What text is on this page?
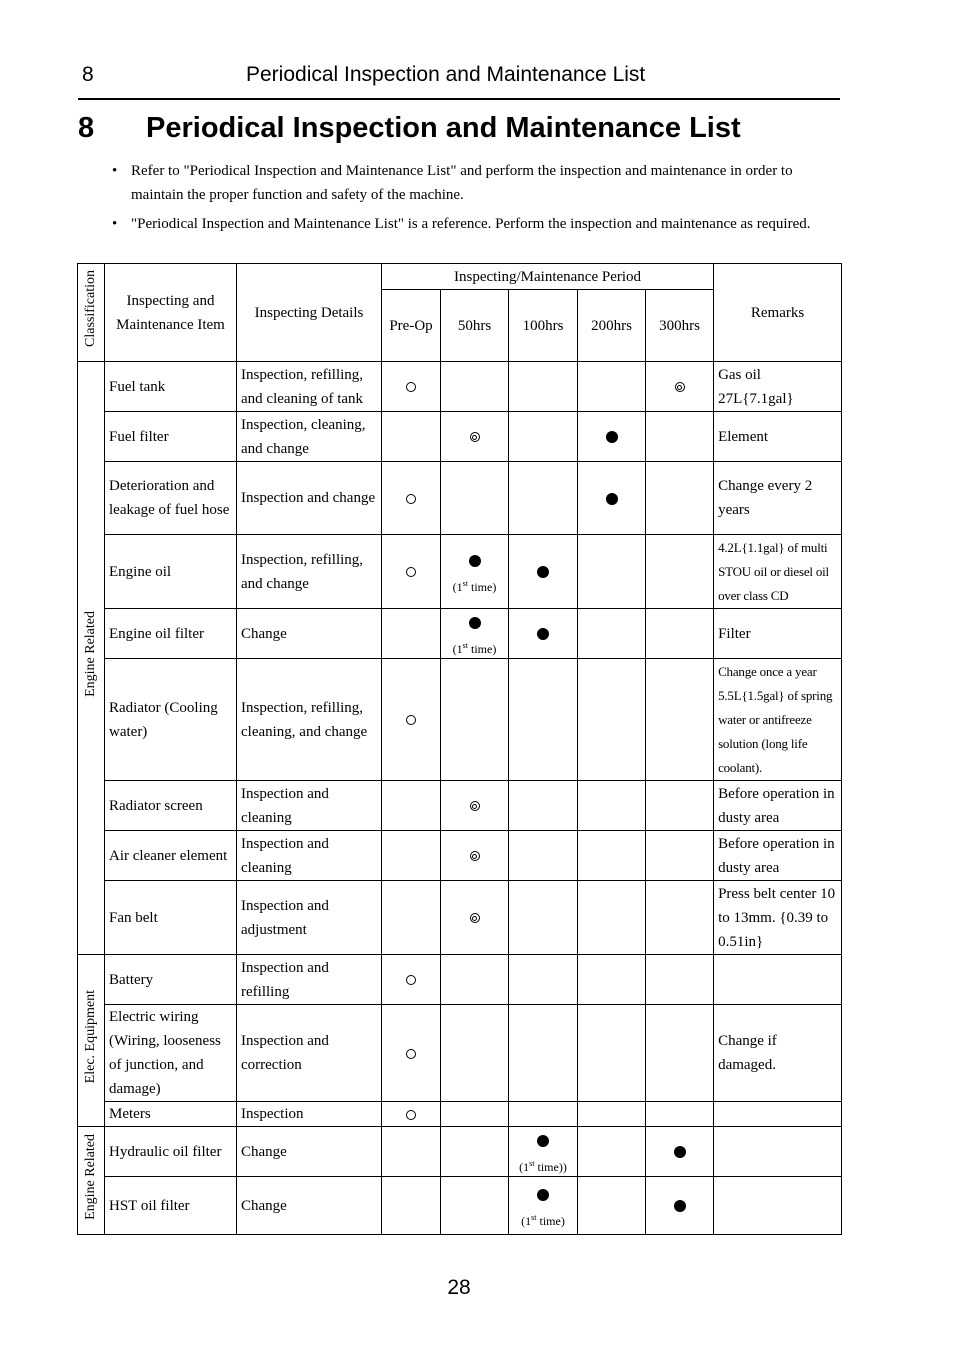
8	Periodical Inspection and Maintenance List
8 Periodical Inspection and Maintenance List
• Refer to "Periodical Inspection and Maintenance List" and perform the inspection and maintenance in order to maintain the proper function and safety of the machine.
• "Periodical Inspection and Maintenance List" is a reference. Perform the inspection and maintenance as required.
Classification	Inspecting and Maintenance Item	Inspecting Details	Inspecting/Maintenance Period					Remarks
			Pre-Op	50hrs	100hrs	200hrs	300hrs	
Engine Related	Fuel tank	Inspection, refilling, and cleaning of tank						Gas oil 27L{7.1gal}
	Fuel filter	Inspection, cleaning, and change						Element
	Deterioration and leakage of fuel hose	Inspection and change						Change every 2 years
	Engine oil	Inspection, refilling, and change		(1st time)				4.2L{1.1gal} of multi STOU oil or diesel oil over class CD

	Engine oil filter	Change		(1st time)				Filter
	Radiator (Cooling water)	Inspection, refilling, cleaning, and change						Change once a year 5.5L{1.5gal} of spring water or antifreeze solution (long life coolant).

	Radiator screen	Inspection and cleaning						Before operation in dusty area
	Air cleaner element	Inspection and cleaning						Before operation in dusty area
	Fan belt	Inspection and adjustment						Press belt center 10 to 13mm. {0.39 to 0.51in}
Elec. Equipment	Battery	Inspection and refilling						
	Electric wiring (Wiring, looseness of junction, and damage)	Inspection and correction						Change if damaged.
	Meters	Inspection						
Engine Related	Hydraulic oil filter	Change			(1st time))			

	HST oil filter	Change			(1st time)			

28
